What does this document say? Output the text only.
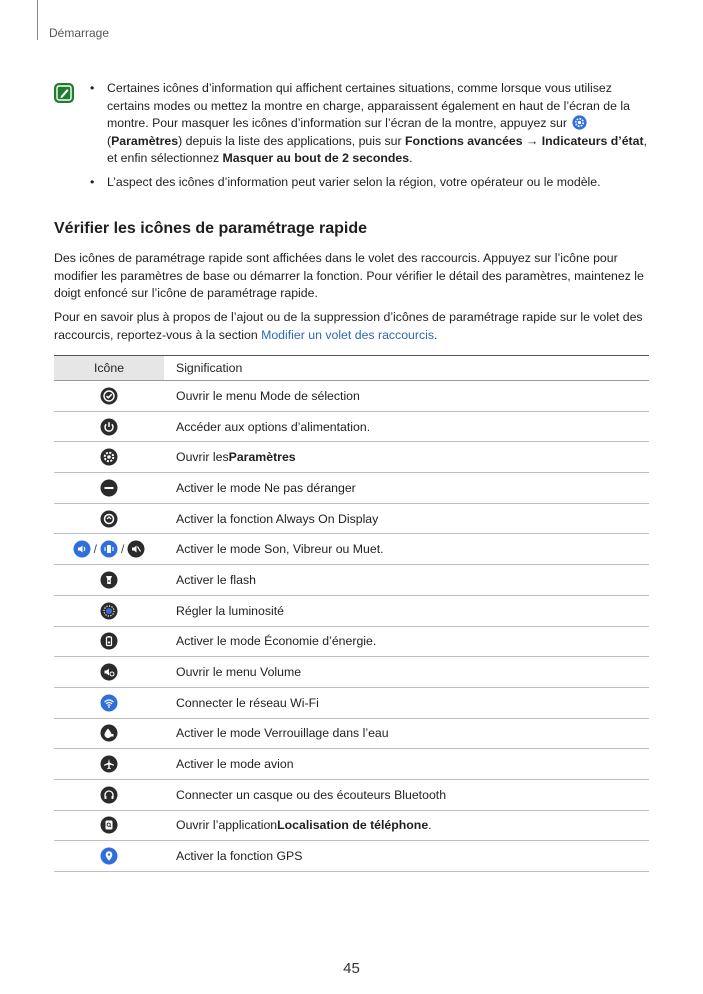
Démarrage
• Certaines icônes d’information qui affichent certaines situations, comme lorsque vous utilisez certains modes ou mettez la montre en charge, apparaissent également en haut de l’écran de la montre. Pour masquer les icônes d’information sur l’écran de la montre, appuyez sur
(Paramètres) depuis la liste des applications, puis sur Fonctions avancées → Indicateurs d’état, et enfin sélectionnez Masquer au bout de 2 secondes.
• L’aspect des icônes d’information peut varier selon la région, votre opérateur ou le modèle.
Vérifier les icônes de paramétrage rapide
Des icônes de paramétrage rapide sont affichées dans le volet des raccourcis. Appuyez sur l’icône pour modifier les paramètres de base ou démarrer la fonction. Pour vérifier le détail des paramètres, maintenez le doigt enfoncé sur l’icône de paramétrage rapide.
Pour en savoir plus à propos de l’ajout ou de la suppression d’icônes de paramétrage rapide sur le volet des raccourcis, reportez-vous à la section Modifier un volet des raccourcis.
Icône	Signification
Ouvrir le menu Mode de sélection
Accéder aux options d’alimentation.
Ouvrir les Paramètres
Activer le mode Ne pas déranger
Activer la fonction Always On Display
/ /	Activer le mode Son, Vibreur ou Muet.
Activer le flash
Régler la luminosité
Activer le mode Économie d’énergie.
Ouvrir le menu Volume
Connecter le réseau Wi-Fi
Activer le mode Verrouillage dans l’eau
Activer le mode avion
Connecter un casque ou des écouteurs Bluetooth
Ouvrir l’application Localisation de téléphone .
Activer la fonction GPS
45
